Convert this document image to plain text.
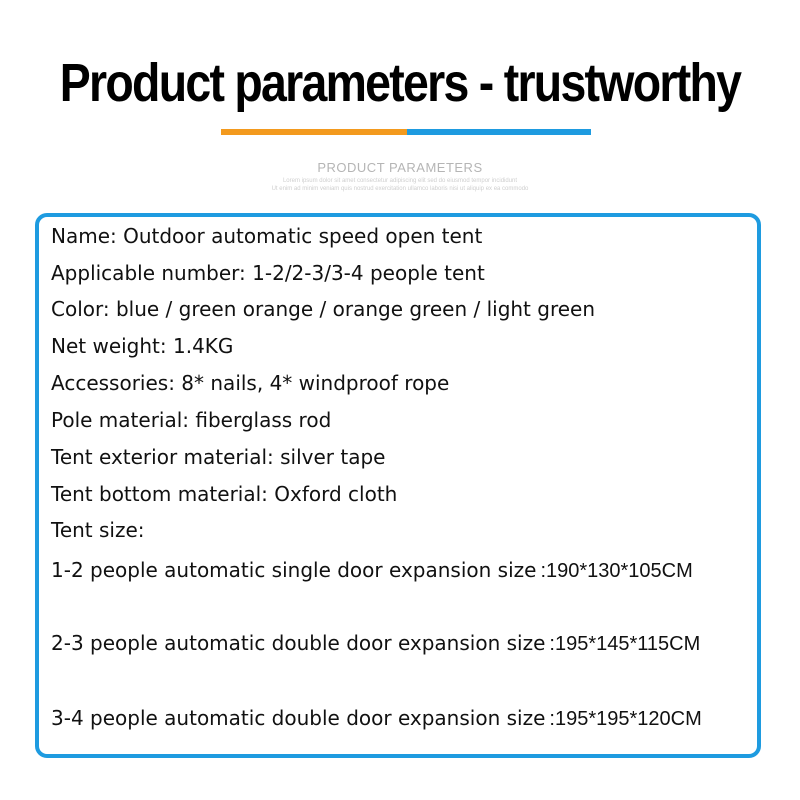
Product parameters - trustworthy
PRODUCT PARAMETERS
Lorem ipsum dolor sit amet consectetur adipiscing elit sed do eiusmod tempor incididunt
Ut enim ad minim veniam quis nostrud exercitation ullamco laboris nisi ut aliquip ex ea commodo
Name: Outdoor automatic speed open tent
Applicable number: 1-2/2-3/3-4 people tent
Color: blue / green orange / orange green / light green
Net weight: 1.4KG
Accessories: 8* nails, 4* windproof rope
Pole material: fiberglass rod
Tent exterior material: silver tape
Tent bottom material: Oxford cloth
Tent size:
1-2 people automatic single door expansion size :190*130*105CM
2-3 people automatic double door expansion size :195*145*115CM
3-4 people automatic double door expansion size :195*195*120CM
